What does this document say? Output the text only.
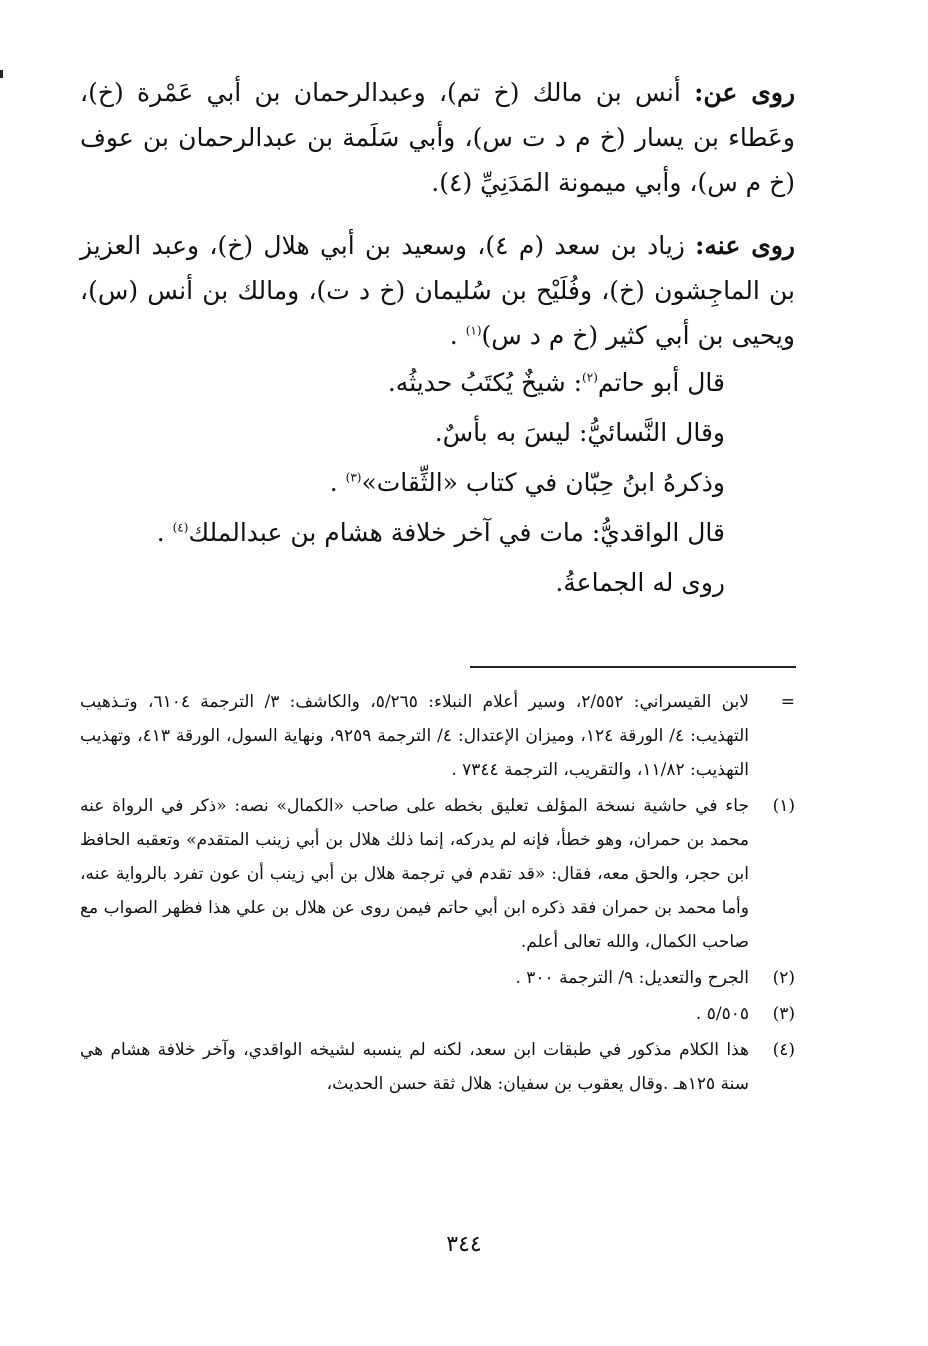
روى عن: أنس بن مالك (خ تم)، وعبدالرحمان بن أبي عَمْرة (خ)، وعَطاء بن يسار (خ م د ت س)، وأبي سَلَمة بن عبدالرحمان بن عوف (خ م س)، وأبي ميمونة المَدَنِيِّ (٤).

روى عنه: زياد بن سعد (م ٤)، وسعيد بن أبي هلال (خ)، وعبد العزيز بن الماجِشون (خ)، وفُلَيْح بن سُليمان (خ د ت)، ومالك بن أنس (س)، ويحيى بن أبي كثير (خ م د س)$^{(١)}$ .

قال أبو حاتم$^{(٢)}$: شيخٌ يُكتَبُ حديثُه.

وقال النَّسائيُّ: ليسَ به بأسٌ.

وذكرهُ ابنُ حِبّان في كتاب «الثِّقات»$^{(٣)}$ .

قال الواقديُّ: مات في آخر خلافة هشام بن عبدالملك$^{(٤)}$ .

روى له الجماعةُ.

=
لابن القيسراني: ٢/٥٥٢، وسير أعلام النبلاء: ٥/٢٦٥، والكاشف: ٣/ الترجمة ٦١٠٤، وتـذهيب التهذيب: ٤/ الورقة ١٢٤، وميزان الإعتدال: ٤/ الترجمة ٩٢٥٩، ونهاية السول، الورقة ٤١٣، وتهذيب التهذيب: ١١/٨٢، والتقريب، الترجمة ٧٣٤٤ .
(١)
جاء في حاشية نسخة المؤلف تعليق بخطه على صاحب «الكمال» نصه: «ذكر في الرواة عنه محمد بن حمران، وهو خطأ، فإنه لم يدركه، إنما ذلك هلال بن أبي زينب المتقدم» وتعقبه الحافظ ابن حجر، والحق معه، فقال: «قد تقدم في ترجمة هلال بن أبي زينب أن عون تفرد بالرواية عنه، وأما محمد بن حمران فقد ذكره ابن أبي حاتم فيمن روى عن هلال بن علي هذا فظهر الصواب مع صاحب الكمال، والله تعالى أعلم.
(٢)
الجرح والتعديل: ٩/ الترجمة ٣٠٠ .
(٣)
٥/٥٠٥ .
(٤)
هذا الكلام مذكور في طبقات ابن سعد، لكنه لم ينسبه لشيخه الواقدي، وآخر خلافة هشام هي سنة ١٢٥هـ .وقال يعقوب بن سفيان: هلال ثقة حسن الحديث،
٣٤٤
